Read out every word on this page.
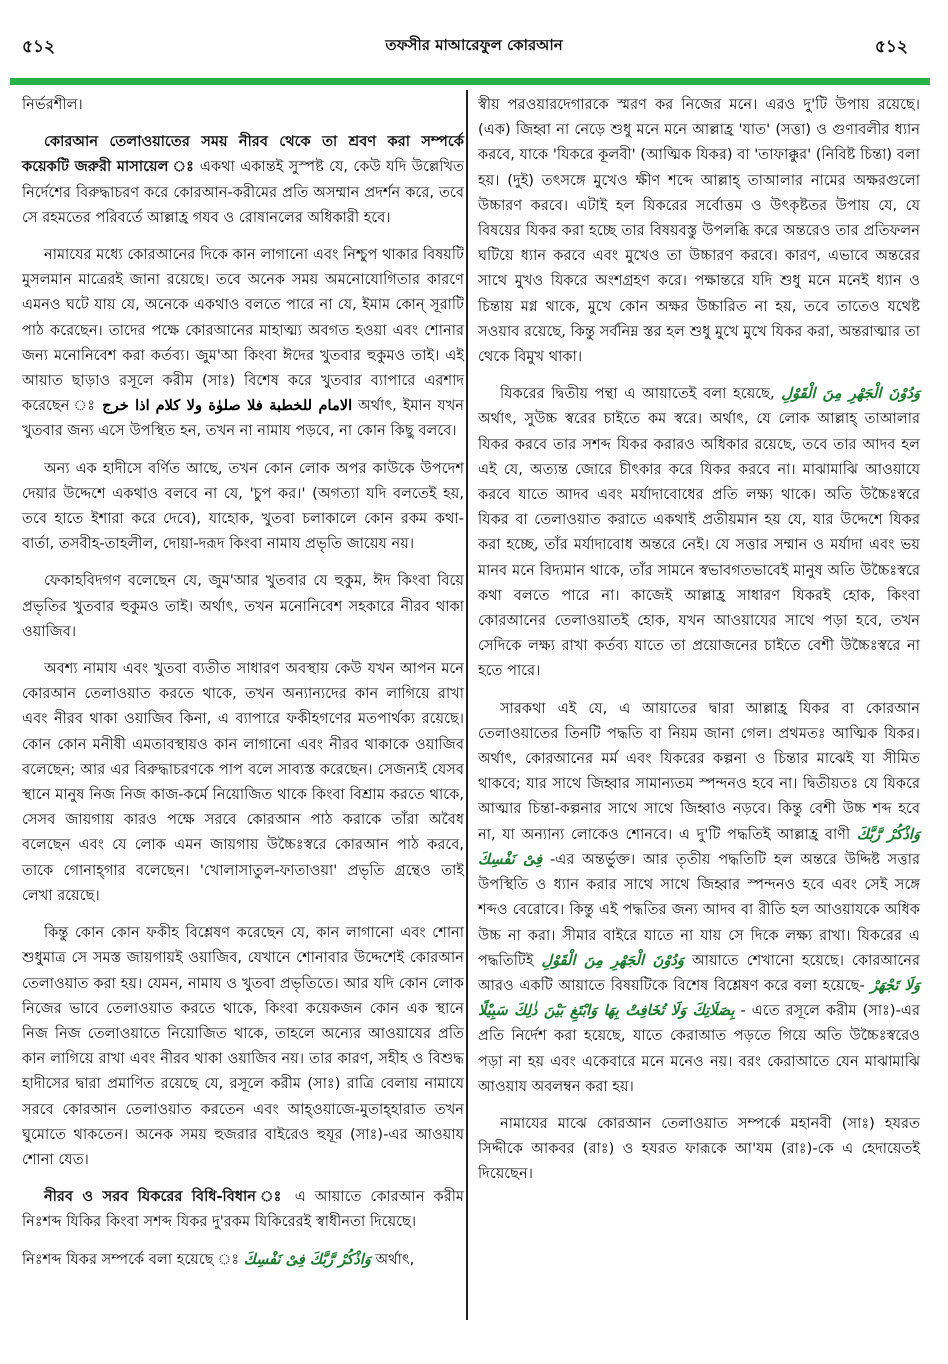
৫১২	তফসীর মাআরেফুল কোরআন	৫১২

নির্ভরশীল।

কোরআন তেলাওয়াতের সময় নীরব থেকে তা শ্রবণ করা সম্পর্কে কয়েকটি জরুরী মাসায়েল ঃ একথা একান্তই সুস্পষ্ট যে, কেউ যদি উল্লেখিত নির্দেশের বিরুদ্ধাচরণ করে কোরআন-করীমের প্রতি অসম্মান প্রদর্শন করে, তবে সে রহমতের পরিবর্তে আল্লাহ্র গযব ও রোষানলের অধিকারী হবে।

নামাযের মধ্যে কোরআনের দিকে কান লাগানো এবং নিশ্চুপ থাকার বিষয়টি মুসলমান মাত্রেরই জানা রয়েছে। তবে অনেক সময় অমনোযোগিতার কারণে এমনও ঘটে যায় যে, অনেকে একথাও বলতে পারে না যে, ইমাম কোন্ সূরাটি পাঠ করেছেন। তাদের পক্ষে কোরআনের মাহাত্ম্য অবগত হওয়া এবং শোনার জন্য মনোনিবেশ করা কর্তব্য। জুম'আ কিংবা ঈদের খুতবার হুকুমও তাই। এই আয়াত ছাড়াও রসূলে করীম (সাঃ) বিশেষ করে খুতবার ব্যাপারে এরশাদ করেছেন ঃ اذا خرج الامام للخطبة فلا صلوٰة ولا كلام অর্থাৎ, ইমান যখন খুতবার জন্য এসে উপস্থিত হন, তখন না নামায পড়বে, না কোন কিছু বলবে।

অন্য এক হাদীসে বর্ণিত আছে, তখন কোন লোক অপর কাউকে উপদেশ দেয়ার উদ্দেশে একথাও বলবে না যে, 'চুপ কর।' (অগত্যা যদি বলতেই হয়, তবে হাতে ইশারা করে দেবে), যাহোক, খুতবা চলাকালে কোন রকম কথা-বার্তা, তসবীহ-তাহলীল, দোয়া-দরূদ কিংবা নামায প্রভৃতি জায়েয নয়।

ফেকাহবিদগণ বলেছেন যে, জুম'আর খুতবার যে হুকুম, ঈদ কিংবা বিয়ে প্রভৃতির খুতবার হুকুমও তাই। অর্থাৎ, তখন মনোনিবেশ সহকারে নীরব থাকা ওয়াজিব।

অবশ্য নামায এবং খুতবা ব্যতীত সাধারণ অবস্থায় কেউ যখন আপন মনে কোরআন তেলাওয়াত করতে থাকে, তখন অন্যান্যদের কান লাগিয়ে রাখা এবং নীরব থাকা ওয়াজিব কিনা, এ ব্যাপারে ফকীহগণের মতপার্থক্য রয়েছে। কোন কোন মনীষী এমতাবস্থায়ও কান লাগানো এবং নীরব থাকাকে ওয়াজিব বলেছেন; আর এর বিরুদ্ধাচরণকে পাপ বলে সাব্যস্ত করেছেন। সেজন্যই যেসব স্থানে মানুষ নিজ নিজ কাজ-কর্মে নিয়োজিত থাকে কিংবা বিশ্রাম করতে থাকে, সেসব জায়গায় কারও পক্ষে সরবে কোরআন পাঠ করাকে তাঁরা অবৈধ বলেছেন এবং যে লোক এমন জায়গায় উচ্চৈঃস্বরে কোরআন পাঠ করবে, তাকে গোনাহ্গার বলেছেন। 'খোলাসাতুল-ফাতাওয়া' প্রভৃতি গ্রন্থেও তাই লেখা রয়েছে।

কিন্তু কোন কোন ফকীহ বিশ্লেষণ করেছেন যে, কান লাগানো এবং শোনা শুধুমাত্র সে সমস্ত জায়গায়ই ওয়াজিব, যেখানে শোনাবার উদ্দেশেই কোরআন তেলাওয়াত করা হয়। যেমন, নামায ও খুতবা প্রভৃতিতে। আর যদি কোন লোক নিজের ভাবে তেলাওয়াত করতে থাকে, কিংবা কয়েকজন কোন এক স্থানে নিজ নিজ তেলাওয়াতে নিয়োজিত থাকে, তাহলে অন্যের আওয়াযের প্রতি কান লাগিয়ে রাখা এবং নীরব থাকা ওয়াজিব নয়। তার কারণ, সহীহ ও বিশুদ্ধ হাদীসের দ্বারা প্রমাণিত রয়েছে যে, রসূলে করীম (সাঃ) রাত্রি বেলায় নামাযে সরবে কোরআন তেলাওয়াত করতেন এবং আহ্ওয়াজে-মুতাহ্হারাত তখন ঘুমোতে থাকতেন। অনেক সময় হুজরার বাইরেও হুযূর (সাঃ)-এর আওয়ায শোনা যেত।

নীরব ও সরব যিকরের বিধি-বিধান ঃ এ আয়াতে কোরআন করীম নিঃশব্দ যিকির কিংবা সশব্দ যিকর দু'রকম যিকিরেরই স্বাধীনতা দিয়েছে।

নিঃশব্দ যিকর সম্পর্কে বলা হয়েছে ঃ وَاذْكُرْ رَّبَّكَ فِىْ نَفْسِكَ অর্থাৎ,

স্বীয় পরওয়ারদেগারকে স্মরণ কর নিজের মনে। এরও দু'টি উপায় রয়েছে। (এক) জিহ্বা না নেড়ে শুধু মনে মনে আল্লাহ্র 'যাত' (সত্তা) ও গুণাবলীর ধ্যান করবে, যাকে 'যিকরে কূলবী' (আত্মিক যিকর) বা 'তাফাক্কুর' (নিবিষ্ট চিন্তা) বলা হয়। (দুই) তৎসঙ্গে মুখেও ক্ষীণ শব্দে আল্লাহ্ তাআলার নামের অক্ষরগুলো উচ্চারণ করবে। এটাই হল যিকরের সর্বোত্তম ও উৎকৃষ্টতর উপায় যে, যে বিষয়ের যিকর করা হচ্ছে তার বিষয়বস্তু উপলব্ধি করে অন্তরেও তার প্রতিফলন ঘটিয়ে ধ্যান করবে এবং মুখেও তা উচ্চারণ করবে। কারণ, এভাবে অন্তরের সাথে মুখও যিকরে অংশগ্রহণ করে। পক্ষান্তরে যদি শুধু মনে মনেই ধ্যান ও চিন্তায় মগ্ন থাকে, মুখে কোন অক্ষর উচ্চারিত না হয়, তবে তাতেও যথেষ্ট সওয়াব রয়েছে, কিন্তু সর্বনিম্ন স্তর হল শুধু মুখে মুখে যিকর করা, অন্তরাত্মার তা থেকে বিমুখ থাকা।

যিকরের দ্বিতীয় পন্থা এ আয়াতেই বলা হয়েছে, وَدُوْنَ الْجَهْرِ مِنَ الْقَوْلِ অর্থাৎ, সুউচ্চ স্বরের চাইতে কম স্বরে। অর্থাৎ, যে লোক আল্লাহ্ তাআলার যিকর করবে তার সশব্দ যিকর করারও অধিকার রয়েছে, তবে তার আদব হল এই যে, অত্যন্ত জোরে চীৎকার করে যিকর করবে না। মাঝামাঝি আওয়াযে করবে যাতে আদব এবং মর্যাদাবোধের প্রতি লক্ষ্য থাকে। অতি উচ্চৈঃস্বরে যিকর বা তেলাওয়াত করাতে একথাই প্রতীয়মান হয় যে, যার উদ্দেশে যিকর করা হচ্ছে, তাঁর মর্যাদাবোধ অন্তরে নেই। যে সত্তার সম্মান ও মর্যাদা এবং ভয় মানব মনে বিদ্যমান থাকে, তাঁর সামনে স্বভাবগতভাবেই মানুষ অতি উচ্চৈঃস্বরে কথা বলতে পারে না। কাজেই আল্লাহ্র সাধারণ যিকরই হোক, কিংবা কোরআনের তেলাওয়াতই হোক, যখন আওয়াযের সাথে পড়া হবে, তখন সেদিকে লক্ষ্য রাখা কর্তব্য যাতে তা প্রয়োজনের চাইতে বেশী উচ্চৈঃস্বরে না হতে পারে।

সারকথা এই যে, এ আয়াতের দ্বারা আল্লাহ্র যিকর বা কোরআন তেলাওয়াতের তিনটি পদ্ধতি বা নিয়ম জানা গেল। প্রথমতঃ আত্মিক যিকর। অর্থাৎ, কোরআনের মর্ম এবং যিকরের কল্পনা ও চিন্তার মাঝেই যা সীমিত থাকবে; যার সাথে জিহ্বার সামান্যতম স্পন্দনও হবে না। দ্বিতীয়তঃ যে যিকরে আত্মার চিন্তা-কল্পনার সাথে সাথে জিহ্বাও নড়বে। কিন্তু বেশী উচ্চ শব্দ হবে না, যা অন্যান্য লোকেও শোনবে। এ দু'টি পদ্ধতিই আল্লাহ্র বাণী وَاذْكُرْ رَّبَّكَ فِىْ نَفْسِكَ -এর অন্তর্ভুক্ত। আর তৃতীয় পদ্ধতিটি হল অন্তরে উদ্দিষ্ট সত্তার উপস্থিতি ও ধ্যান করার সাথে সাথে জিহ্বার স্পন্দনও হবে এবং সেই সঙ্গে শব্দও বেরোবে। কিন্তু এই পদ্ধতির জন্য আদব বা রীতি হল আওয়াযকে অধিক উচ্চ না করা। সীমার বাইরে যাতে না যায় সে দিকে লক্ষ্য রাখা। যিকরের এ পদ্ধতিটিই وَدُوْنَ الْجَهْرِ مِنَ الْقَوْلِ আয়াতে শেখানো হয়েছে। কোরআনের আরও একটি আয়াতে বিষয়টিকে বিশেষ বিশ্লেষণ করে বলা হয়েছে- وَلَا تَجْهَرْ بِصَلَاتِكَ وَلَا تُخَافِتْ بِهَا وَابْتَغِ بَيْنَ ذٰلِكَ سَبِيْلًا - এতে রসূলে করীম (সাঃ)-এর প্রতি নির্দেশ করা হয়েছে, যাতে কেরাআত পড়তে গিয়ে অতি উচ্চৈঃস্বরেও পড়া না হয় এবং একেবারে মনে মনেও নয়। বরং কেরাআতে যেন মাঝামাঝি আওয়ায অবলম্বন করা হয়।

নামাযের মাঝে কোরআন তেলাওয়াত সম্পর্কে মহানবী (সাঃ) হযরত সিদ্দীকে আকবর (রাঃ) ও হযরত ফারূকে আ'যম (রাঃ)-কে এ হেদায়েতই দিয়েছেন।
